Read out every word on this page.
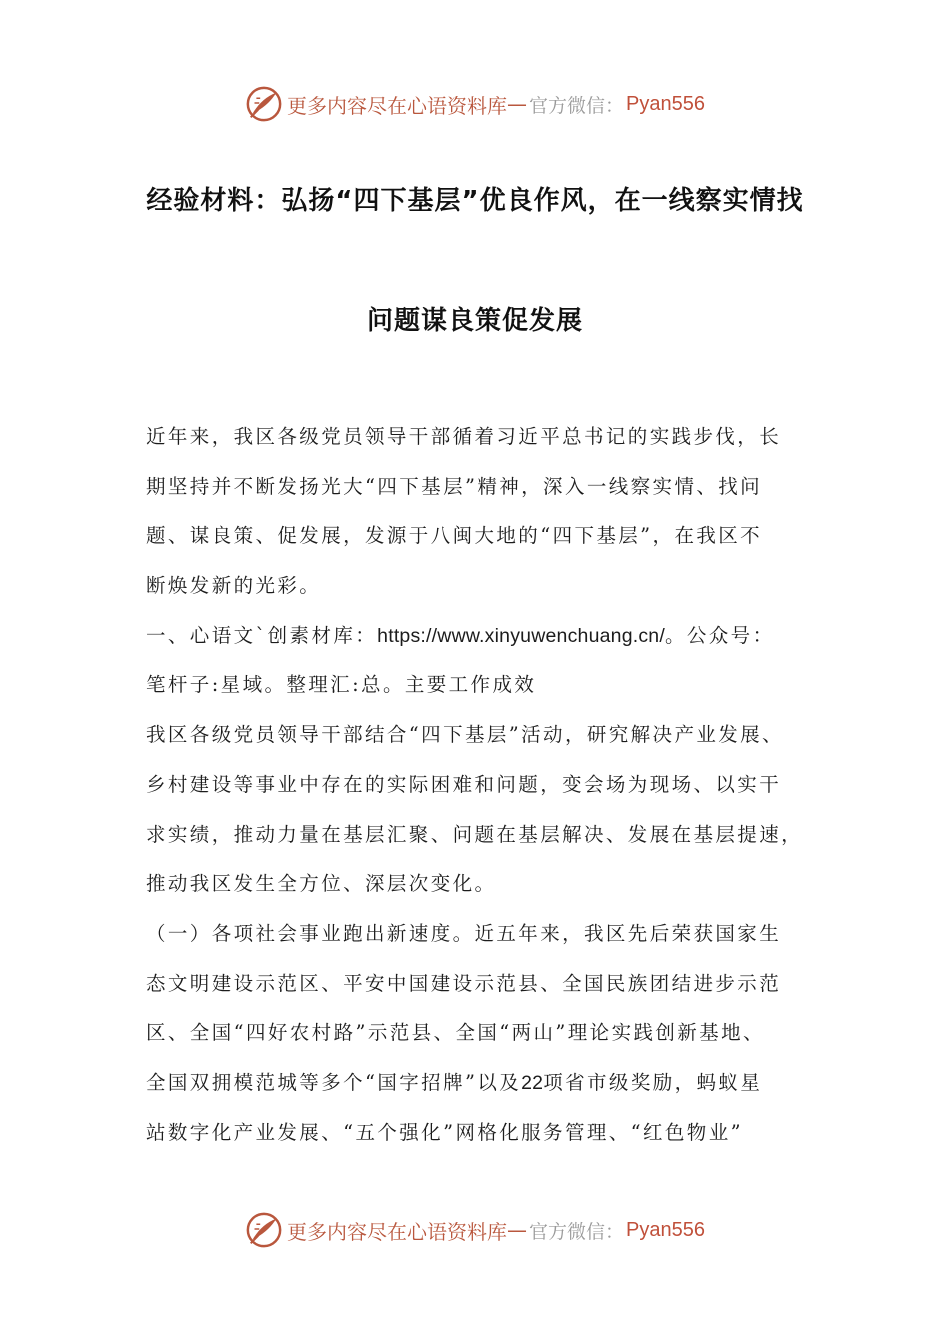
更多内容尽在心语资料库 — 官方微信： Pyan556
经验材料：弘扬“四下基层”优良作风，在一线察实情找
问题谋良策促发展
近年来，我区各级党员领导干部循着习近平总书记的实践步伐，长
期坚持并不断发扬光大“四下基层”精神，深入一线察实情、找问
题、谋良策、促发展，发源于八闽大地的“四下基层”，在我区不
断焕发新的光彩。
一、心语文`创素材库：https://www.xinyuwenchuang.cn/。公众号：
笔杆子:星域。整理汇:总。主要工作成效
我区各级党员领导干部结合“四下基层”活动，研究解决产业发展、
乡村建设等事业中存在的实际困难和问题，变会场为现场、以实干
求实绩，推动力量在基层汇聚、问题在基层解决、发展在基层提速，
推动我区发生全方位、深层次变化。
（一）各项社会事业跑出新速度。近五年来，我区先后荣获国家生
态文明建设示范区、平安中国建设示范县、全国民族团结进步示范
区、全国“四好农村路”示范县、全国“两山”理论实践创新基地、
全国双拥模范城等多个“国字招牌”以及22项省市级奖励，蚂蚁星
站数字化产业发展、“五个强化”网格化服务管理、“红色物业”
更多内容尽在心语资料库 — 官方微信： Pyan556
